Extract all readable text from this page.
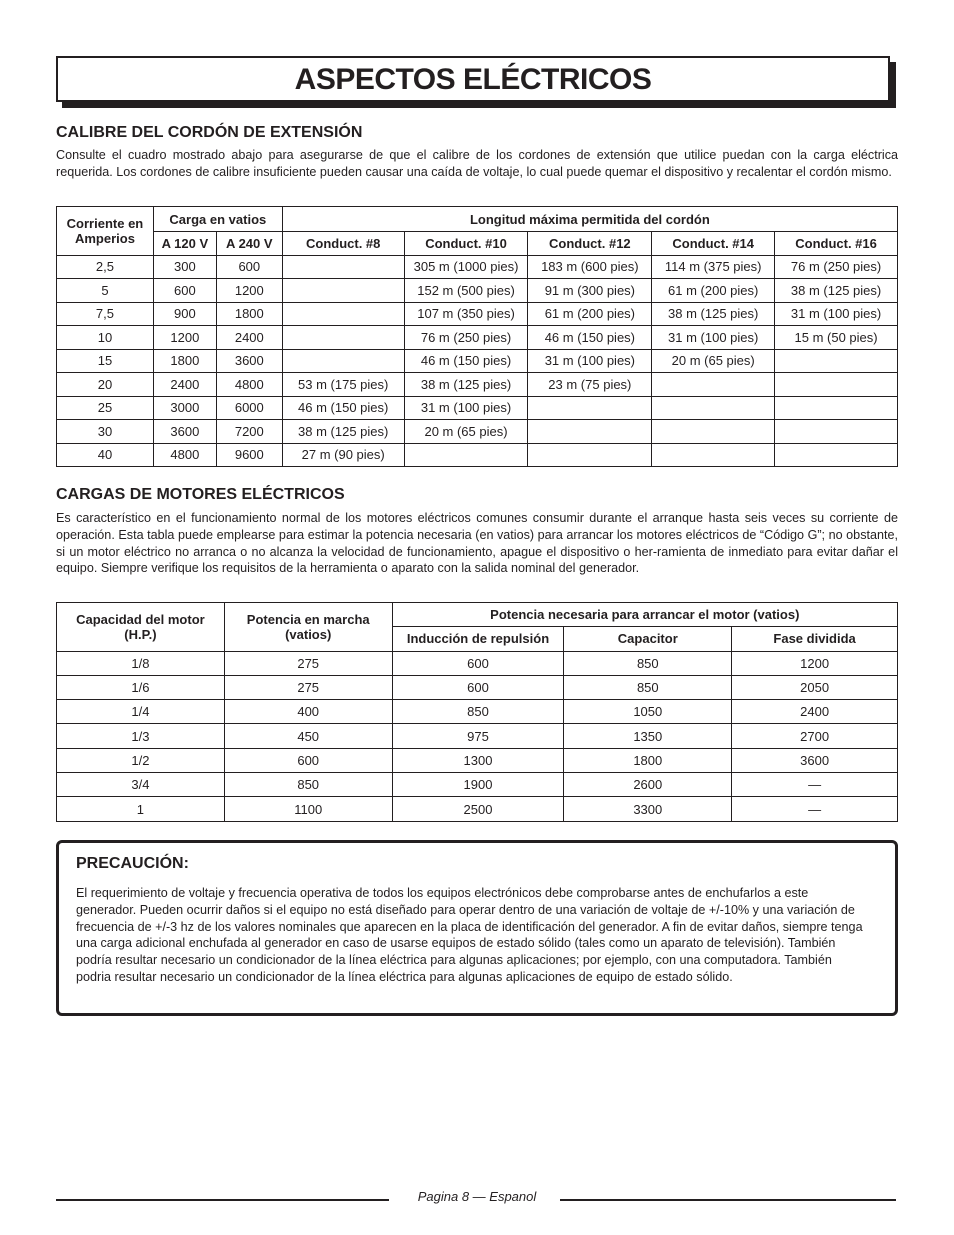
ASPECTOS ELÉCTRICOS
CALIBRE DEL CORDÓN DE EXTENSIÓN

Consulte el cuadro mostrado abajo para asegurarse de que el calibre de los cordones de extensión que utilice puedan con la carga eléctrica requerida. Los cordones de calibre insuficiente pueden causar una caída de voltaje, lo cual puede quemar el dispositivo y recalentar el cordón mismo.

Corriente en Amperios	Carga en vatios		Longitud máxima permitida del cordón				
	A 120 V	A 240 V	Conduct. #8	Conduct. #10	Conduct. #12	Conduct. #14	Conduct. #16
2,5	300	600		305 m (1000 pies)	183 m (600 pies)	114 m (375 pies)	76 m (250 pies)
5	600	1200		152 m (500 pies)	91 m (300 pies)	61 m (200 pies)	38 m (125 pies)
7,5	900	1800		107 m (350 pies)	61 m (200 pies)	38 m (125 pies)	31 m (100 pies)
10	1200	2400		76 m (250 pies)	46 m (150 pies)	31 m (100 pies)	15 m (50 pies)
15	1800	3600		46 m (150 pies)	31 m (100 pies)	20 m (65 pies)	
20	2400	4800	53 m (175 pies)	38 m (125 pies)	23 m (75 pies)		
25	3000	6000	46 m (150 pies)	31 m (100 pies)			
30	3600	7200	38 m (125 pies)	20 m (65 pies)			
40	4800	9600	27 m (90 pies)				
CARGAS DE MOTORES ELÉCTRICOS

Es característico en el funcionamiento normal de los motores eléctricos comunes consumir durante el arranque hasta seis veces su corriente de operación. Esta tabla puede emplearse para estimar la potencia necesaria (en vatios) para arrancar los motores eléctricos de “Código G”; no obstante, si un motor eléctrico no arranca o no alcanza la velocidad de funcionamiento, apague el dispositivo o her-ramienta de inmediato para evitar dañar el equipo. Siempre verifique los requisitos de la herramienta o aparato con la salida nominal del generador.

Capacidad del motor (H.P.)	Potencia en marcha (vatios)	Potencia necesaria para arrancar el motor (vatios)		
		Inducción de repulsión	Capacitor	Fase dividida
1/8	275	600	850	1200
1/6	275	600	850	2050
1/4	400	850	1050	2400
1/3	450	975	1350	2700
1/2	600	1300	1800	3600
3/4	850	1900	2600	—
1	1100	2500	3300	—
PRECAUCIÓN:

El requerimiento de voltaje y frecuencia operativa de todos los equipos electrónicos debe comprobarse antes de enchufarlos a este generador. Pueden ocurrir daños si el equipo no está diseñado para operar dentro de una variación de voltaje de +/-10% y una variación de frecuencia de +/-3 hz de los valores nominales que aparecen en la placa de identificación del generador. A fin de evitar daños, siempre tenga una carga adicional enchufada al generador en caso de usarse equipos de estado sólido (tales como un aparato de televisión). También podría resultar necesario un condicionador de la línea eléctrica para algunas aplicaciones; por ejemplo, con una computadora. También podria resultar necesario un condicionador de la línea eléctrica para algunas aplicaciones de equipo de estado sólido.

Pagina 8 — Espanol
